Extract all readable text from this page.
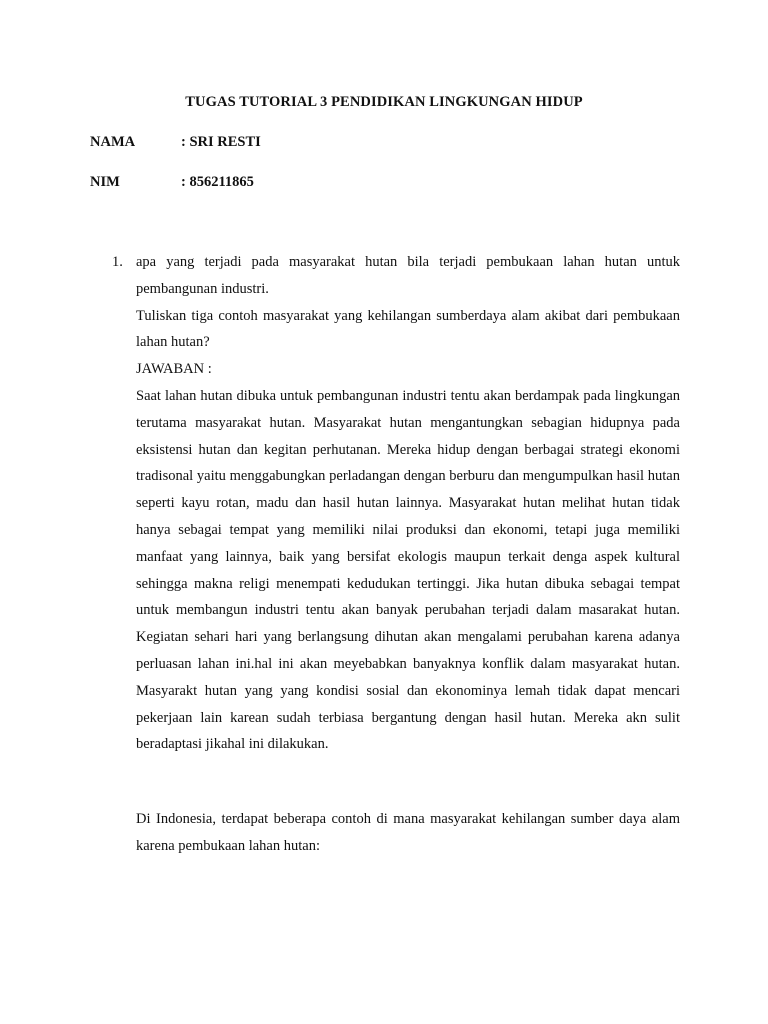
TUGAS TUTORIAL 3 PENDIDIKAN LINGKUNGAN HIDUP
NAMA	: SRI RESTI
NIM	: 856211865
1. apa yang terjadi pada masyarakat hutan bila terjadi pembukaan lahan hutan untuk pembangunan industri.

Tuliskan tiga contoh masyarakat yang kehilangan sumberdaya alam akibat dari pembukaan lahan hutan?

JAWABAN :

Saat lahan hutan dibuka untuk pembangunan industri tentu akan berdampak pada lingkungan terutama masyarakat hutan. Masyarakat hutan mengantungkan sebagian hidupnya pada eksistensi hutan dan kegitan perhutanan. Mereka hidup dengan berbagai strategi ekonomi tradisonal yaitu menggabungkan perladangan dengan berburu dan mengumpulkan hasil hutan seperti kayu rotan, madu dan hasil hutan lainnya. Masyarakat hutan melihat hutan tidak hanya sebagai tempat yang memiliki nilai produksi dan ekonomi, tetapi juga memiliki manfaat yang lainnya, baik yang bersifat ekologis maupun terkait denga aspek kultural sehingga makna religi menempati kedudukan tertinggi. Jika hutan dibuka sebagai tempat untuk membangun industri tentu akan banyak perubahan terjadi dalam masarakat hutan. Kegiatan sehari hari yang berlangsung dihutan akan mengalami perubahan karena adanya perluasan lahan ini.hal ini akan meyebabkan banyaknya konflik dalam masyarakat hutan. Masyarakt hutan yang yang kondisi sosial dan ekonominya lemah tidak dapat mencari pekerjaan lain karean sudah terbiasa bergantung dengan hasil hutan. Mereka akn sulit beradaptasi jikahal ini dilakukan.

Di Indonesia, terdapat beberapa contoh di mana masyarakat kehilangan sumber daya alam karena pembukaan lahan hutan:
